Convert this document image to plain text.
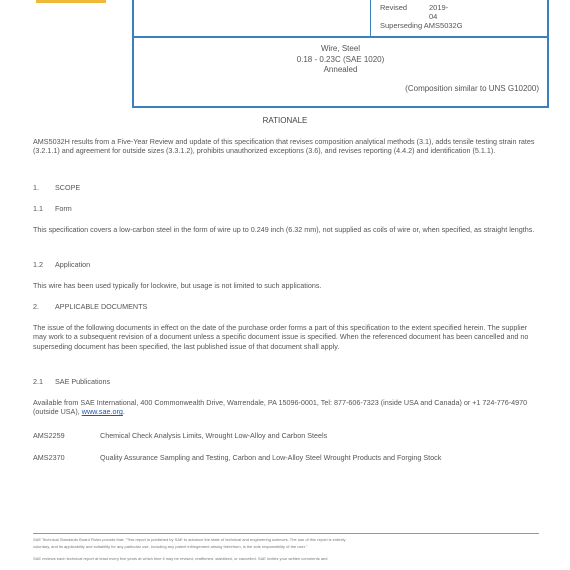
Revised	2019-04
Superseding AMS5032G
Wire, Steel
0.18 - 0.23C (SAE 1020)
Annealed
(Composition similar to UNS G10200)
RATIONALE
AMS5032H results from a Five-Year Review and update of this specification that revises composition analytical methods (3.1), adds tensile testing strain rates (3.2.1.1) and agreement for outside sizes (3.3.1.2), prohibits unauthorized exceptions (3.6), and revises reporting (4.4.2) and identification (5.1.1).
1. SCOPE
1.1 Form
This specification covers a low-carbon steel in the form of wire up to 0.249 inch (6.32 mm), not supplied as coils of wire or, when specified, as straight lengths.
1.2 Application
This wire has been used typically for lockwire, but usage is not limited to such applications.
2. APPLICABLE DOCUMENTS
The issue of the following documents in effect on the date of the purchase order forms a part of this specification to the extent specified herein. The supplier may work to a subsequent revision of a document unless a specific document issue is specified. When the referenced document has been cancelled and no superseding document has been specified, the last published issue of that document shall apply.
2.1 SAE Publications
Available from SAE International, 400 Commonwealth Drive, Warrendale, PA 15096-0001, Tel: 877-606-7323 (inside USA and Canada) or +1 724-776-4970 (outside USA), www.sae.org.
AMS2259	Chemical Check Analysis Limits, Wrought Low-Alloy and Carbon Steels
AMS2370	Quality Assurance Sampling and Testing, Carbon and Low-Alloy Steel Wrought Products and Forging Stock
SAE Technical Standards Board Rules provide that: "This report is published by SAE to advance the state of technical and engineering sciences. The use of this report is entirely
voluntary, and its applicability and suitability for any particular use, including any patent infringement arising therefrom, is the sole responsibility of the user."
SAE reviews each technical report at least every five years at which time it may be revised, reaffirmed, stabilized, or cancelled. SAE invites your written comments and
